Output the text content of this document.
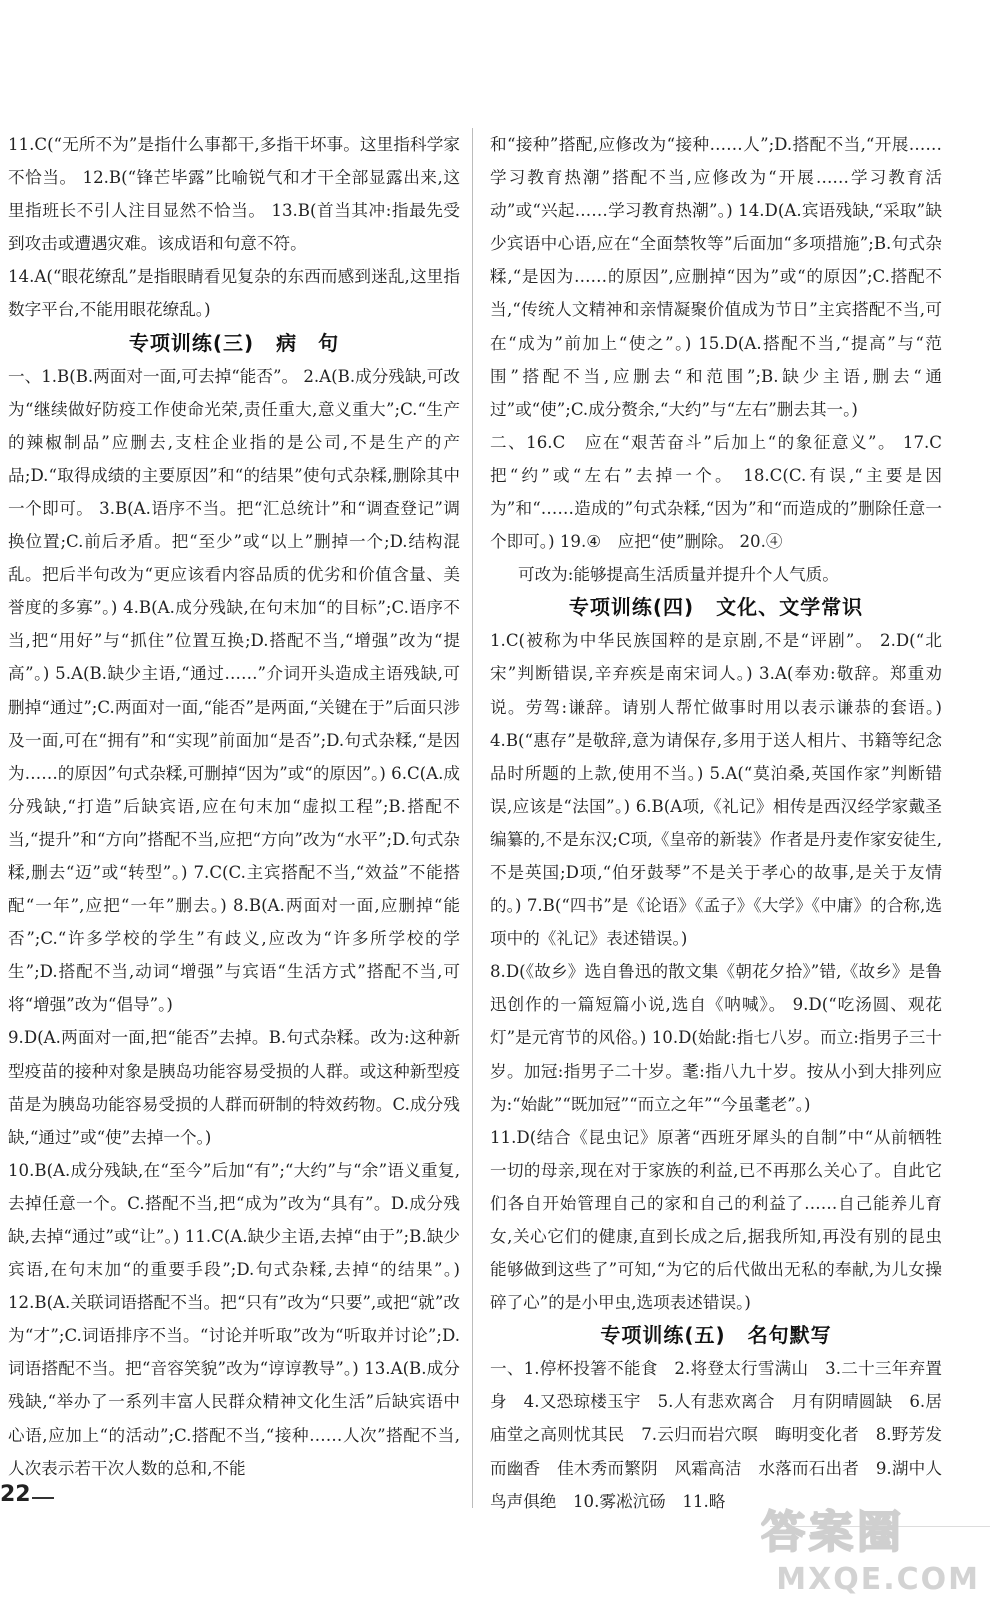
11.C(“无所不为”是指什么事都干,多指干坏事。这里指科学家不恰当。 12.B(“锋芒毕露”比喻锐气和才干全部显露出来,这里指班长不引人注目显然不恰当。 13.B(首当其冲:指最先受到攻击或遭遇灾难。该成语和句意不符。

14.A(“眼花缭乱”是指眼睛看见复杂的东西而感到迷乱,这里指数字平台,不能用眼花缭乱。)

专项训练(三) 病　句

一、1.B(B.两面对一面,可去掉“能否”。 2.A(B.成分残缺,可改为“继续做好防疫工作使命光荣,责任重大,意义重大”;C.“生产的辣椒制品”应删去,支柱企业指的是公司,不是生产的产品;D.“取得成绩的主要原因”和“的结果”使句式杂糅,删除其中一个即可。 3.B(A.语序不当。把“汇总统计”和“调查登记”调换位置;C.前后矛盾。把“至少”或“以上”删掉一个;D.结构混乱。把后半句改为“更应该看内容品质的优劣和价值含量、美誉度的多寡”。) 4.B(A.成分残缺,在句末加“的目标”;C.语序不当,把“用好”与“抓住”位置互换;D.搭配不当,“增强”改为“提高”。) 5.A(B.缺少主语,“通过……”介词开头造成主语残缺,可删掉“通过”;C.两面对一面,“能否”是两面,“关键在于”后面只涉及一面,可在“拥有”和“实现”前面加“是否”;D.句式杂糅,“是因为……的原因”句式杂糅,可删掉“因为”或“的原因”。) 6.C(A.成分残缺,“打造”后缺宾语,应在句末加“虚拟工程”;B.搭配不当,“提升”和“方向”搭配不当,应把“方向”改为“水平”;D.句式杂糅,删去“迈”或“转型”。) 7.C(C.主宾搭配不当,“效益”不能搭配“一年”,应把“一年”删去。) 8.B(A.两面对一面,应删掉“能否”;C.“许多学校的学生”有歧义,应改为“许多所学校的学生”;D.搭配不当,动词“增强”与宾语“生活方式”搭配不当,可将“增强”改为“倡导”。)

9.D(A.两面对一面,把“能否”去掉。B.句式杂糅。改为:这种新型疫苗的接种对象是胰岛功能容易受损的人群。或这种新型疫苗是为胰岛功能容易受损的人群而研制的特效药物。C.成分残缺,“通过”或“使”去掉一个。)

10.B(A.成分残缺,在“至今”后加“有”;“大约”与“余”语义重复,去掉任意一个。C.搭配不当,把“成为”改为“具有”。D.成分残缺,去掉“通过”或“让”。) 11.C(A.缺少主语,去掉“由于”;B.缺少宾语,在句末加“的重要手段”;D.句式杂糅,去掉“的结果”。) 12.B(A.关联词语搭配不当。把“只有”改为“只要”,或把“就”改为“才”;C.词语排序不当。“讨论并听取”改为“听取并讨论”;D.词语搭配不当。把“音容笑貌”改为“谆谆教导”。) 13.A(B.成分残缺,“举办了一系列丰富人民群众精神文化生活”后缺宾语中心语,应加上“的活动”;C.搭配不当,“接种……人次”搭配不当,人次表示若干次人数的总和,不能

和“接种”搭配,应修改为“接种……人”;D.搭配不当,“开展……学习教育热潮”搭配不当,应修改为“开展……学习教育活动”或“兴起……学习教育热潮”。) 14.D(A.宾语残缺,“采取”缺少宾语中心语,应在“全面禁牧等”后面加“多项措施”;B.句式杂糅,“是因为……的原因”,应删掉“因为”或“的原因”;C.搭配不当,“传统人文精神和亲情凝聚价值成为节日”主宾搭配不当,可在“成为”前加上“使之”。) 15.D(A.搭配不当,“提高”与“范围”搭配不当,应删去“和范围”;B.缺少主语,删去“通过”或“使”;C.成分赘余,“大约”与“左右”删去其一。)

二、16.C　应在“艰苦奋斗”后加上“的象征意义”。 17.C　把“约”或“左右”去掉一个。 18.C(C.有误,“主要是因为”和“……造成的”句式杂糅,“因为”和“而造成的”删除任意一个即可。) 19.④　应把“使”删除。 20.④

可改为:能够提高生活质量并提升个人气质。

专项训练(四) 文化、文学常识

1.C(被称为中华民族国粹的是京剧,不是“评剧”。 2.D(“北宋”判断错误,辛弃疾是南宋词人。) 3.A(奉劝:敬辞。郑重劝说。劳驾:谦辞。请别人帮忙做事时用以表示谦恭的套语。) 4.B(“惠存”是敬辞,意为请保存,多用于送人相片、书籍等纪念品时所题的上款,使用不当。) 5.A(“莫泊桑,英国作家”判断错误,应该是“法国”。) 6.B(A项,《礼记》相传是西汉经学家戴圣编纂的,不是东汉;C项,《皇帝的新装》作者是丹麦作家安徒生,不是英国;D项,“伯牙鼓琴”不是关于孝心的故事,是关于友情的。) 7.B(“四书”是《论语》《孟子》《大学》《中庸》的合称,选项中的《礼记》表述错误。)

8.D(《故乡》选自鲁迅的散文集《朝花夕拾》”错,《故乡》是鲁迅创作的一篇短篇小说,选自《呐喊》。 9.D(“吃汤圆、观花灯”是元宵节的风俗。) 10.D(始龀:指七八岁。而立:指男子三十岁。加冠:指男子二十岁。耄:指八九十岁。按从小到大排列应为:“始龀”“既加冠”“而立之年”“今虽耄老”。)

11.D(结合《昆虫记》原著“西班牙犀头的自制”中“从前牺牲一切的母亲,现在对于家族的利益,已不再那么关心了。自此它们各自开始管理自己的家和自己的利益了……自己能养儿育女,关心它们的健康,直到长成之后,据我所知,再没有别的昆虫能够做到这些了”可知,“为它的后代做出无私的奉献,为儿女操碎了心”的是小甲虫,选项表述错误。)

专项训练(五) 名句默写

一、1.停杯投箸不能食　2.将登太行雪满山　3.二十三年弃置身　4.又恐琼楼玉宇　5.人有悲欢离合　月有阴晴圆缺　6.居庙堂之高则忧其民　7.云归而岩穴暝　晦明变化者　8.野芳发而幽香　佳木秀而繁阴　风霜高洁　水落而石出者　9.湖中人鸟声俱绝　10.雾凇沆砀　11.略

22
答案圈
MXQE.COM
